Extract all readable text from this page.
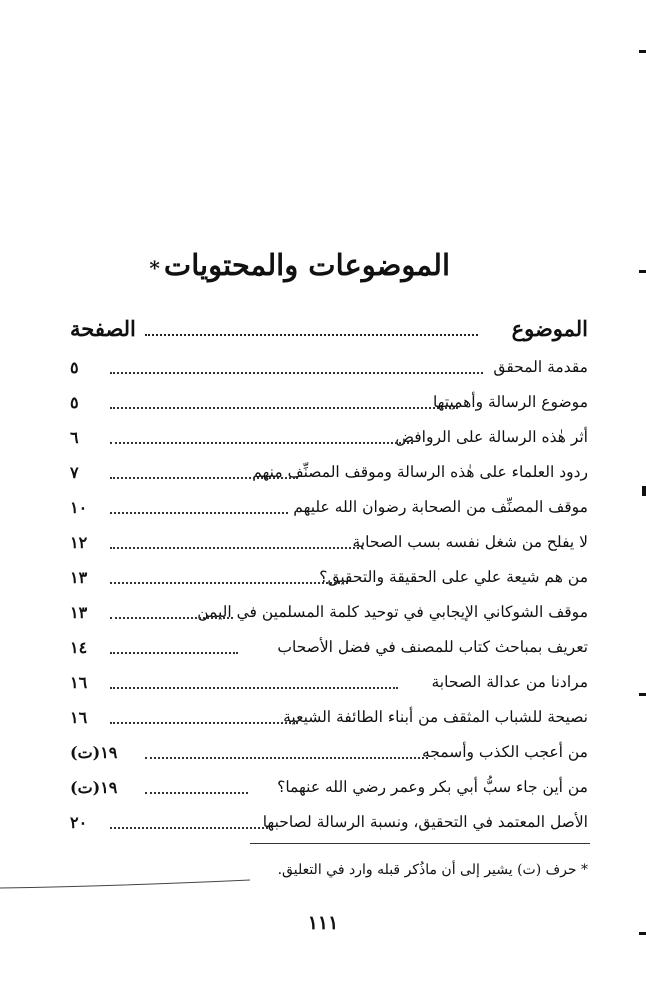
الموضوعات والمحتويات*
الموضوع
الصفحة
مقدمة المحقق
٥
موضوع الرسالة وأهميتها
٥
أثر هٰذه الرسالة على الروافض
٦
ردود العلماء على هٰذه الرسالة وموقف المصنِّف منهم
٧
موقف المصنِّف من الصحابة رضوان الله عليهم
١٠
لا يفلح من شغل نفسه بسب الصحابة
١٢
من هم شيعة علي على الحقيقة والتحقيق؟
١٣
موقف الشوكاني الإيجابي في توحيد كلمة المسلمين في اليمن
١٣
تعريف بمباحث كتاب للمصنف في فضل الأصحاب
١٤
مرادنا من عدالة الصحابة
١٦
نصيحة للشباب المثقف من أبناء الطائفة الشيعية
١٦
من أعجب الكذب وأسمجه
١٩(ت)
من أين جاء سبُّ أبي بكر وعمر رضي الله عنهما؟
١٩(ت)
الأصل المعتمد في التحقيق، ونسبة الرسالة لصاحبها
٢٠
* حرف (ت) يشير إلى أن ماذُكر قبله وارد في التعليق.
١١١
